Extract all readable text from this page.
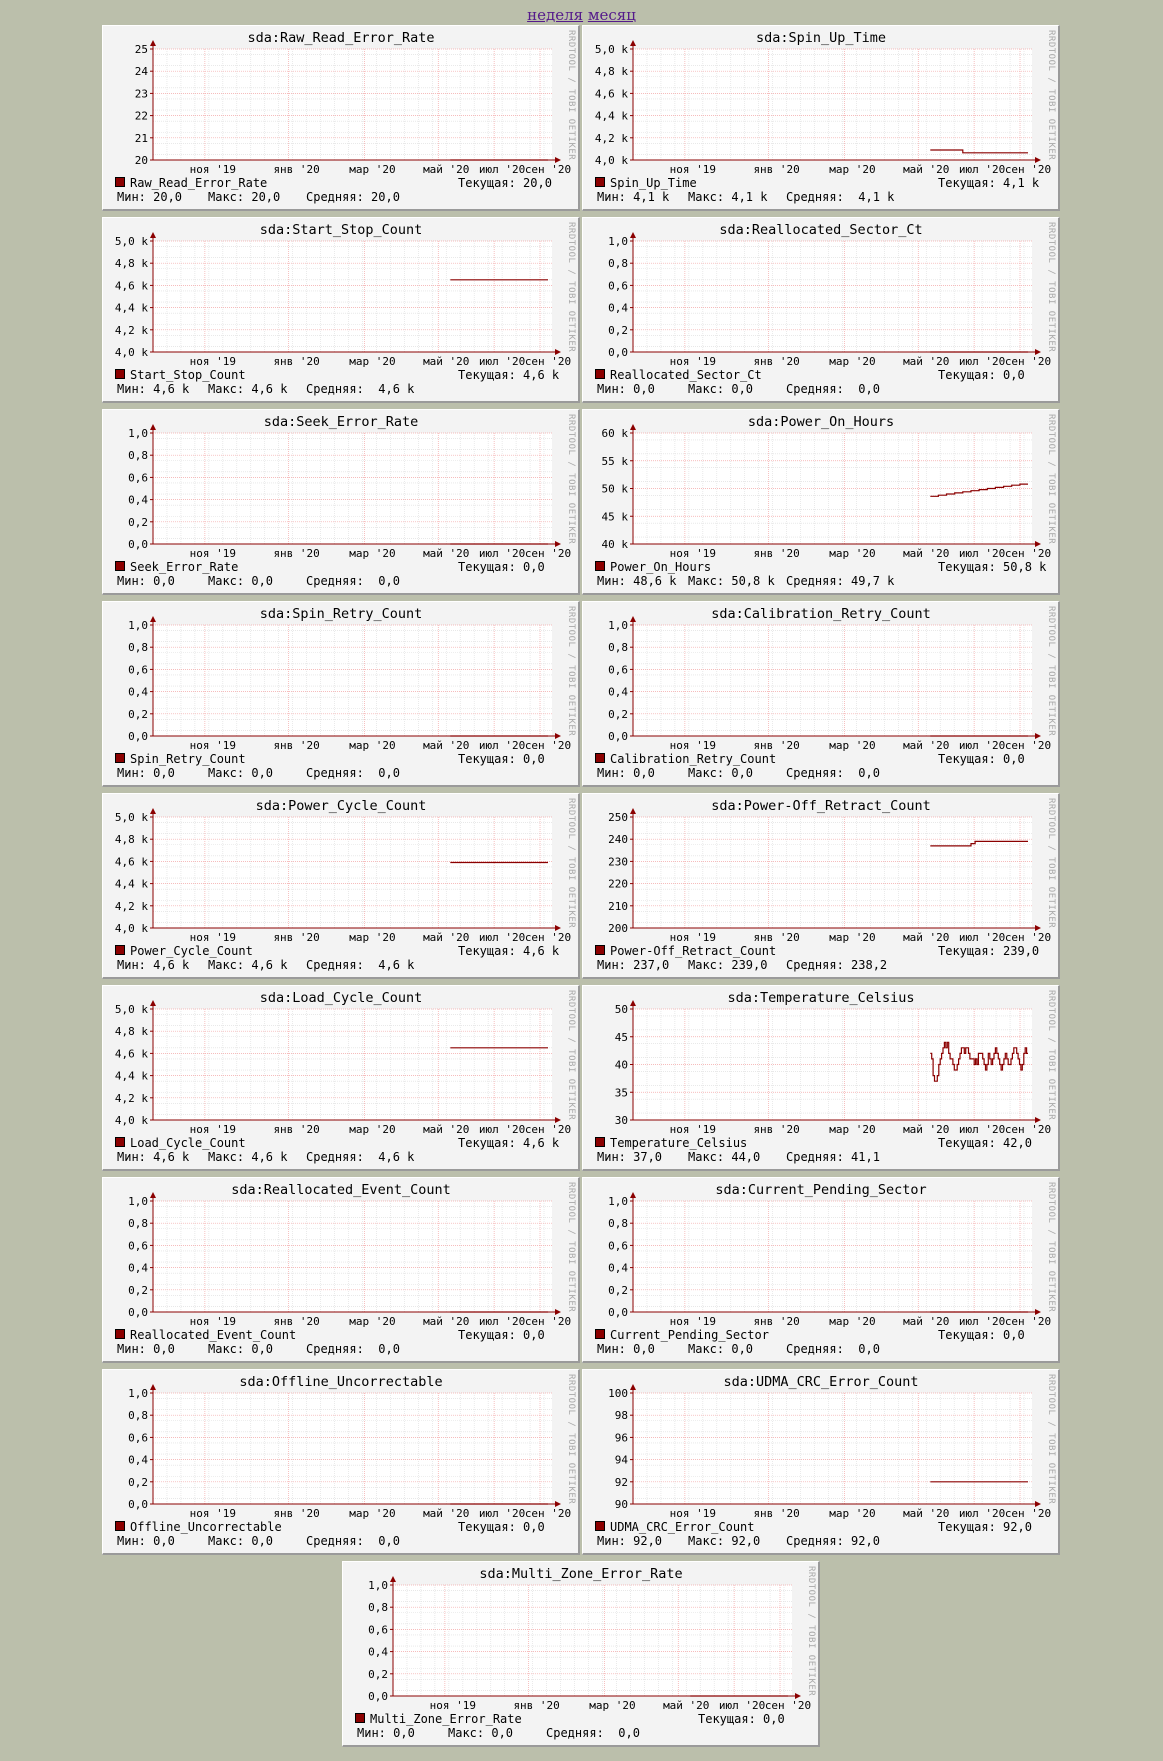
неделя месяц
20
21
22
23
24
25
ноя '19	янв '20	мар '20 май '20 июл '20 сен '20
sda:Raw_Read_Error_Rate	RRDTOOL / TOBI OETIKER
Raw_Read_Error_Rate	Текущая: 20,0
Мин: 20,0 Макс: 20,0 Средняя: 20,0
4,0 k
4,2 k
4,4 k
4,6 k
4,8 k
5,0 k
ноя '19	янв '20	мар '20 май '20 июл '20 сен '20
sda:Spin_Up_Time	RRDTOOL / TOBI OETIKER
Spin_Up_Time	Текущая: 4,1 k
Мин: 4,1 k Макс: 4,1 k Средняя:  4,1 k
4,0 k
4,2 k
4,4 k
4,6 k
4,8 k
5,0 k
ноя '19	янв '20	мар '20 май '20 июл '20 сен '20
sda:Start_Stop_Count	RRDTOOL / TOBI OETIKER
Start_Stop_Count	Текущая: 4,6 k
Мин: 4,6 k Макс: 4,6 k Средняя:  4,6 k
0,0
0,2
0,4
0,6
0,8
1,0
ноя '19	янв '20	мар '20 май '20 июл '20 сен '20
sda:Reallocated_Sector_Ct	RRDTOOL / TOBI OETIKER
Reallocated_Sector_Ct	Текущая: 0,0
Мин: 0,0	Макс: 0,0	Средняя:  0,0
0,0
0,2
0,4
0,6
0,8
1,0
ноя '19	янв '20	мар '20 май '20 июл '20 сен '20
sda:Seek_Error_Rate	RRDTOOL / TOBI OETIKER
Seek_Error_Rate	Текущая: 0,0
Мин: 0,0	Макс: 0,0	Средняя:  0,0
40 k
45 k
50 k
55 k
60 k
ноя '19	янв '20	мар '20 май '20 июл '20 сен '20
sda:Power_On_Hours	RRDTOOL / TOBI OETIKER
Power_On_Hours	Текущая: 50,8 k
Мин: 48,6 k Макс: 50,8 k Средняя: 49,7 k
0,0
0,2
0,4
0,6
0,8
1,0
ноя '19	янв '20	мар '20 май '20 июл '20 сен '20
sda:Spin_Retry_Count	RRDTOOL / TOBI OETIKER
Spin_Retry_Count	Текущая: 0,0
Мин: 0,0	Макс: 0,0	Средняя:  0,0
0,0
0,2
0,4
0,6
0,8
1,0
ноя '19	янв '20	мар '20 май '20 июл '20 сен '20
sda:Calibration_Retry_Count	RRDTOOL / TOBI OETIKER
Calibration_Retry_Count	Текущая: 0,0
Мин: 0,0	Макс: 0,0	Средняя:  0,0
4,0 k
4,2 k
4,4 k
4,6 k
4,8 k
5,0 k
ноя '19	янв '20	мар '20 май '20 июл '20 сен '20
sda:Power_Cycle_Count	RRDTOOL / TOBI OETIKER
Power_Cycle_Count	Текущая: 4,6 k
Мин: 4,6 k Макс: 4,6 k Средняя:  4,6 k
200
210
220
230
240
250
ноя '19	янв '20	мар '20 май '20 июл '20 сен '20
sda:Power-Off_Retract_Count	RRDTOOL / TOBI OETIKER
Power-Off_Retract_Count	Текущая: 239,0
Мин: 237,0 Макс: 239,0 Средняя: 238,2
4,0 k
4,2 k
4,4 k
4,6 k
4,8 k
5,0 k
ноя '19	янв '20	мар '20 май '20 июл '20 сен '20
sda:Load_Cycle_Count	RRDTOOL / TOBI OETIKER
Load_Cycle_Count	Текущая: 4,6 k
Мин: 4,6 k Макс: 4,6 k Средняя:  4,6 k
30
35
40
45
50
ноя '19	янв '20	мар '20 май '20 июл '20 сен '20
sda:Temperature_Celsius	RRDTOOL / TOBI OETIKER
Temperature_Celsius	Текущая: 42,0
Мин: 37,0 Макс: 44,0 Средняя: 41,1
0,0
0,2
0,4
0,6
0,8
1,0
ноя '19	янв '20	мар '20 май '20 июл '20 сен '20
sda:Reallocated_Event_Count	RRDTOOL / TOBI OETIKER
Reallocated_Event_Count	Текущая: 0,0
Мин: 0,0	Макс: 0,0	Средняя:  0,0
0,0
0,2
0,4
0,6
0,8
1,0
ноя '19	янв '20	мар '20 май '20 июл '20 сен '20
sda:Current_Pending_Sector	RRDTOOL / TOBI OETIKER
Current_Pending_Sector	Текущая: 0,0
Мин: 0,0	Макс: 0,0	Средняя:  0,0
0,0
0,2
0,4
0,6
0,8
1,0
ноя '19	янв '20	мар '20 май '20 июл '20 сен '20
sda:Offline_Uncorrectable	RRDTOOL / TOBI OETIKER
Offline_Uncorrectable	Текущая: 0,0
Мин: 0,0	Макс: 0,0	Средняя:  0,0
90
92
94
96
98
100
ноя '19	янв '20	мар '20 май '20 июл '20 сен '20
sda:UDMA_CRC_Error_Count	RRDTOOL / TOBI OETIKER
UDMA_CRC_Error_Count	Текущая: 92,0
Мин: 92,0 Макс: 92,0 Средняя: 92,0
0,0
0,2
0,4
0,6
0,8
1,0
ноя '19	янв '20	мар '20 май '20 июл '20 сен '20
sda:Multi_Zone_Error_Rate	RRDTOOL / TOBI OETIKER
Multi_Zone_Error_Rate	Текущая: 0,0
Мин: 0,0	Макс: 0,0	Средняя:  0,0
